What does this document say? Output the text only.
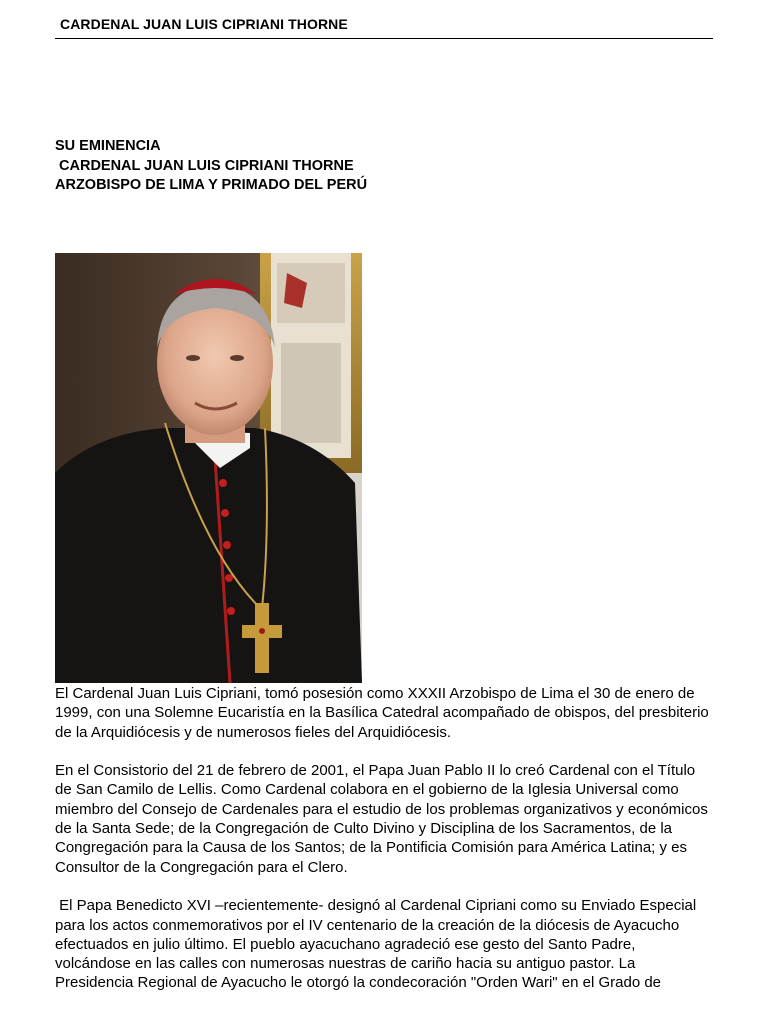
CARDENAL JUAN LUIS CIPRIANI THORNE
SU EMINENCIA
CARDENAL JUAN LUIS CIPRIANI THORNE
ARZOBISPO DE LIMA Y PRIMADO DEL PERÚ

El Cardenal Juan Luis Cipriani, tomó posesión como XXXII Arzobispo de Lima el 30 de enero de 1999, con una Solemne Eucaristía en la Basílica Catedral acompañado de obispos, del presbiterio de la Arquidiócesis y de numerosos fieles del Arquidiócesis.

En el Consistorio del 21 de febrero de 2001, el Papa Juan Pablo II lo creó Cardenal con el Título de San Camilo de Lellis. Como Cardenal colabora en el gobierno de la Iglesia Universal como miembro del Consejo de Cardenales para el estudio de los problemas organizativos y económicos de la Santa Sede; de la Congregación de Culto Divino y Disciplina de los Sacramentos, de la Congregación para la Causa de los Santos; de la Pontificia Comisión para América Latina; y es Consultor de la Congregación para el Clero.

El Papa Benedicto XVI –recientemente- designó al Cardenal Cipriani como su Enviado Especial para los actos conmemorativos por el IV centenario de la creación de la diócesis de Ayacucho efectuados en julio último. El pueblo ayacuchano agradeció ese gesto del Santo Padre, volcándose en las calles con numerosas nuestras de cariño hacia su antiguo pastor. La Presidencia Regional de Ayacucho le otorgó la condecoración "Orden Wari" en el Grado de
